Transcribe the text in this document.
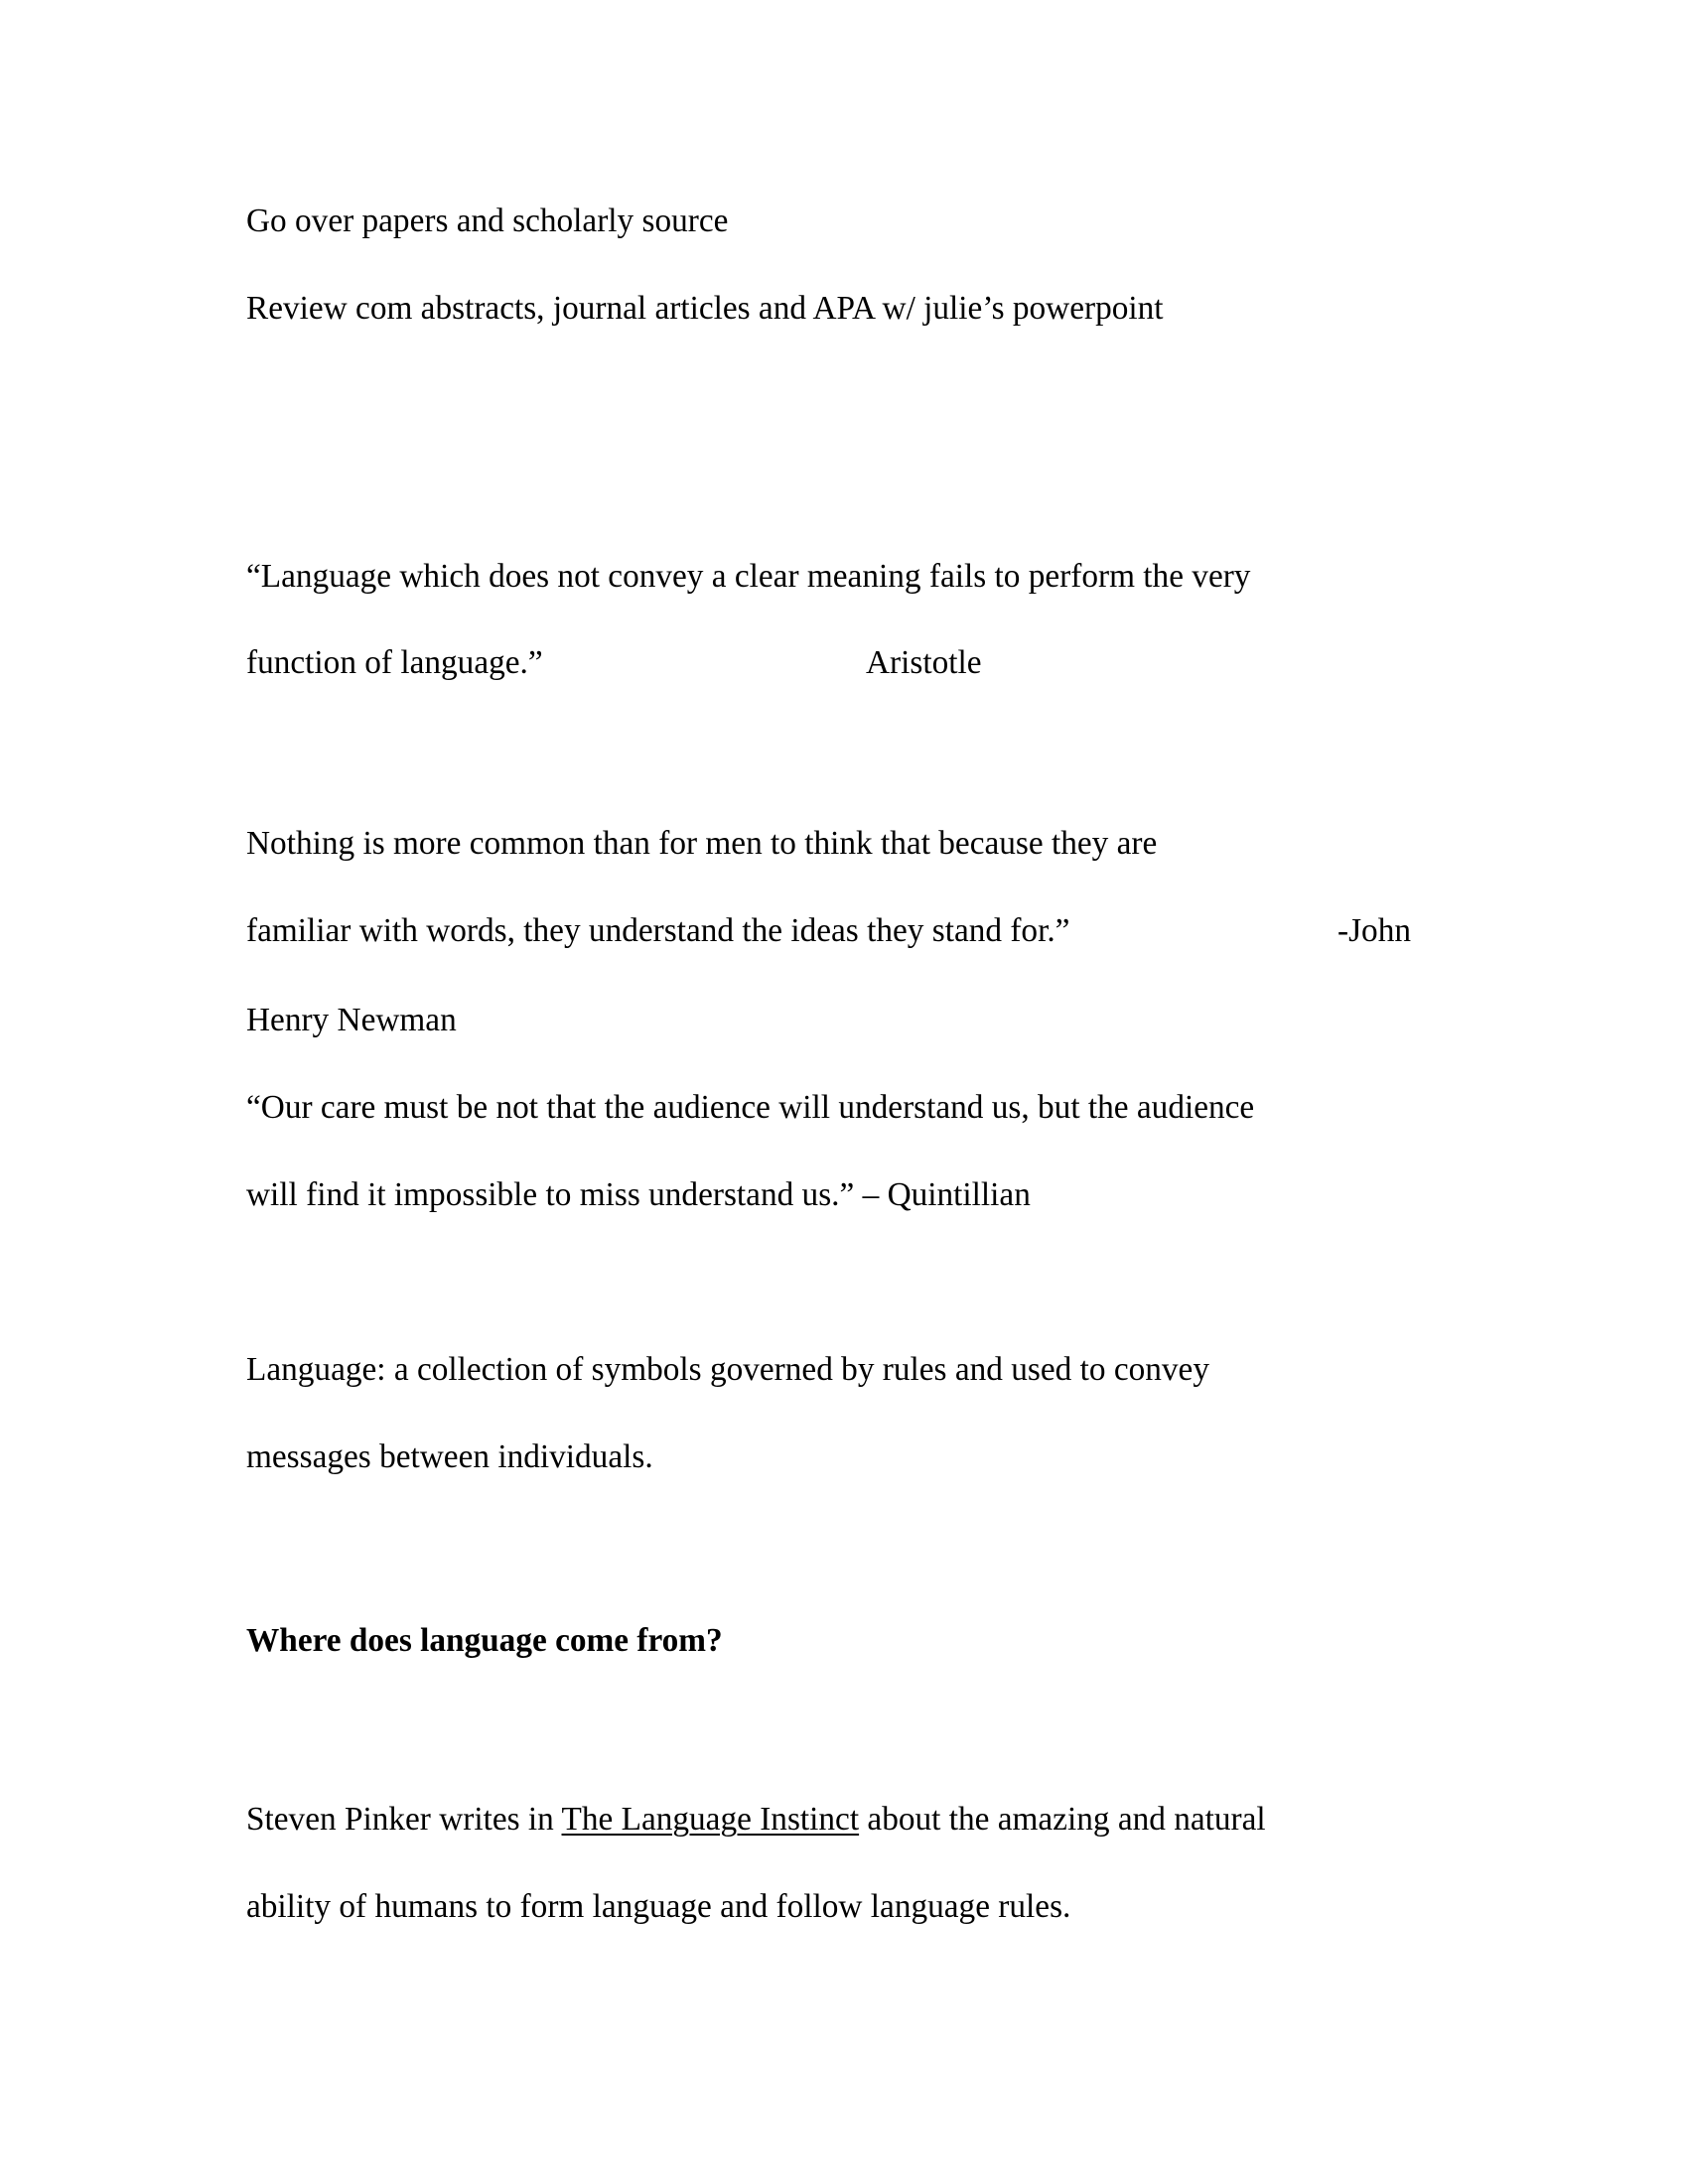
Go over papers and scholarly source
Review com abstracts, journal articles and APA w/ julie’s powerpoint
“Language which does not convey a clear meaning fails to perform the very
function of language.”	Aristotle
Nothing is more common than for men to think that because they are
familiar with words, they understand the ideas they stand for.”	-John
Henry Newman
“Our care must be not that the audience will understand us, but the audience
will find it impossible to miss understand us.” – Quintillian
Language: a collection of symbols governed by rules and used to convey
messages between individuals.
Where does language come from?
Steven Pinker writes in The Language Instinct about the amazing and natural
ability of humans to form language and follow language rules.
